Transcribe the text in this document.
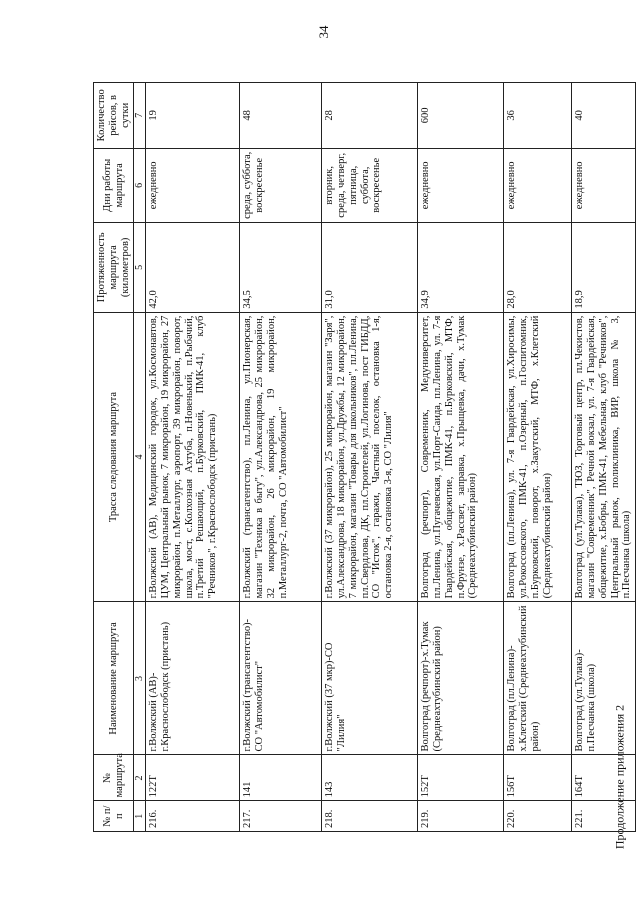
34
Продолжение приложения 2
№ п/п	№ маршрута	Наименование маршрута	Трасса следования маршрута	Протяженность маршрута (километров)	Дни работы маршрута	Количество рейсов, в сутки
1	2	3	4	5	6	7
216.	122Т	г.Волжский (АВ)-г.Краснослободск (пристань)	г.Волжский (АВ), Медицинский городок, ул.Космонавтов, ЦУМ, Центральный рынок, 7 микрорайон, 19 микрорайон, 27 микрорайон, п.Металлург, аэропорт, 39 микрорайон, поворот, школа, мост, с.Колхозная Ахтуба, п.Новенький, п.Рыбачий, п.Третий Решающий, п.Бурковский, ПМК-41, клуб "Речников", г.Краснослободск (пристань)	42,0	ежедневно	19
217.	141	г.Волжский (трансагентство)-СО "Автомобилист"	г.Волжский (трансагентство), пл.Ленина, ул.Пионерская, магазин "Техника в быту", ул.Александрова, 25 микрорайон, 32 микрорайон, 26 микрорайон, 19 микрорайон, п.Металлург-2, почта, СО "Автомобилист"	34,5	среда, суббота, воскресенье	48
218.	143	г.Волжский (37 мкр)-СО "Лилия"	г.Волжский (37 микрорайон), 25 микрорайон, магазин "Заря", ул.Александрова, 18 микрорайон, ул.Дружбы, 12 микрорайон, 7 микрорайон, магазин "Товары для школьников", пл.Ленина, пл.Свердлова, ДК, пл.Строителей, ул.Логинова, пост ГИБДД, СО "Исток", гаражи, Частный поселок, остановка 1-я, остановка 2-я, остановка 3-я, СО "Лилия"	31,0	вторник, среда, четверг, пятница, суббота, воскресенье	28
219.	152Т	Волгоград (речпорт)-х.Тумак (Среднеахтубинский район)	Волгоград (речпорт), Современник, Медуниверситет, пл.Ленина, ул.Пугачевская, ул.Порт-Саида, пл.Ленина, ул. 7-я Гвардейская, общежитие, ПМК-41, п.Бурковский, МТФ, п.Фрунзе, х.Рассвет, заправка, х.Прыщевка, дачи, х.Тумак (Среднеахтубинский район)	34,9	ежедневно	600
220.	156Т	Волгоград (пл.Ленина)-х.Клетский (Среднеахтубинский район)	Волгоград (пл.Ленина), ул. 7-я Гвардейская, ул.Хиросимы, ул.Рокоссовского, ПМК-41, п.Озерный, п.Госпитомник, п.Бурковский, поворот, х.Закутский, МТФ, х.Клетский (Среднеахтубинский район)	28,0	ежедневно	36
221.	164Т	Волгоград (ул.Тулака)-п.Песчанка (школа)	Волгоград (ул.Тулака), ТЮЗ, Торговый центр, пл.Чекистов, магазин "Современник", Речной вокзал, ул. 7-я Гвардейская, общежитие, х.Бобры, ПМК-41, Мебельная, клуб "Речников", Центральный рынок, поликлиника, ВИР, школа № 3, п.Песчанка (школа)	18,9	ежедневно	40
